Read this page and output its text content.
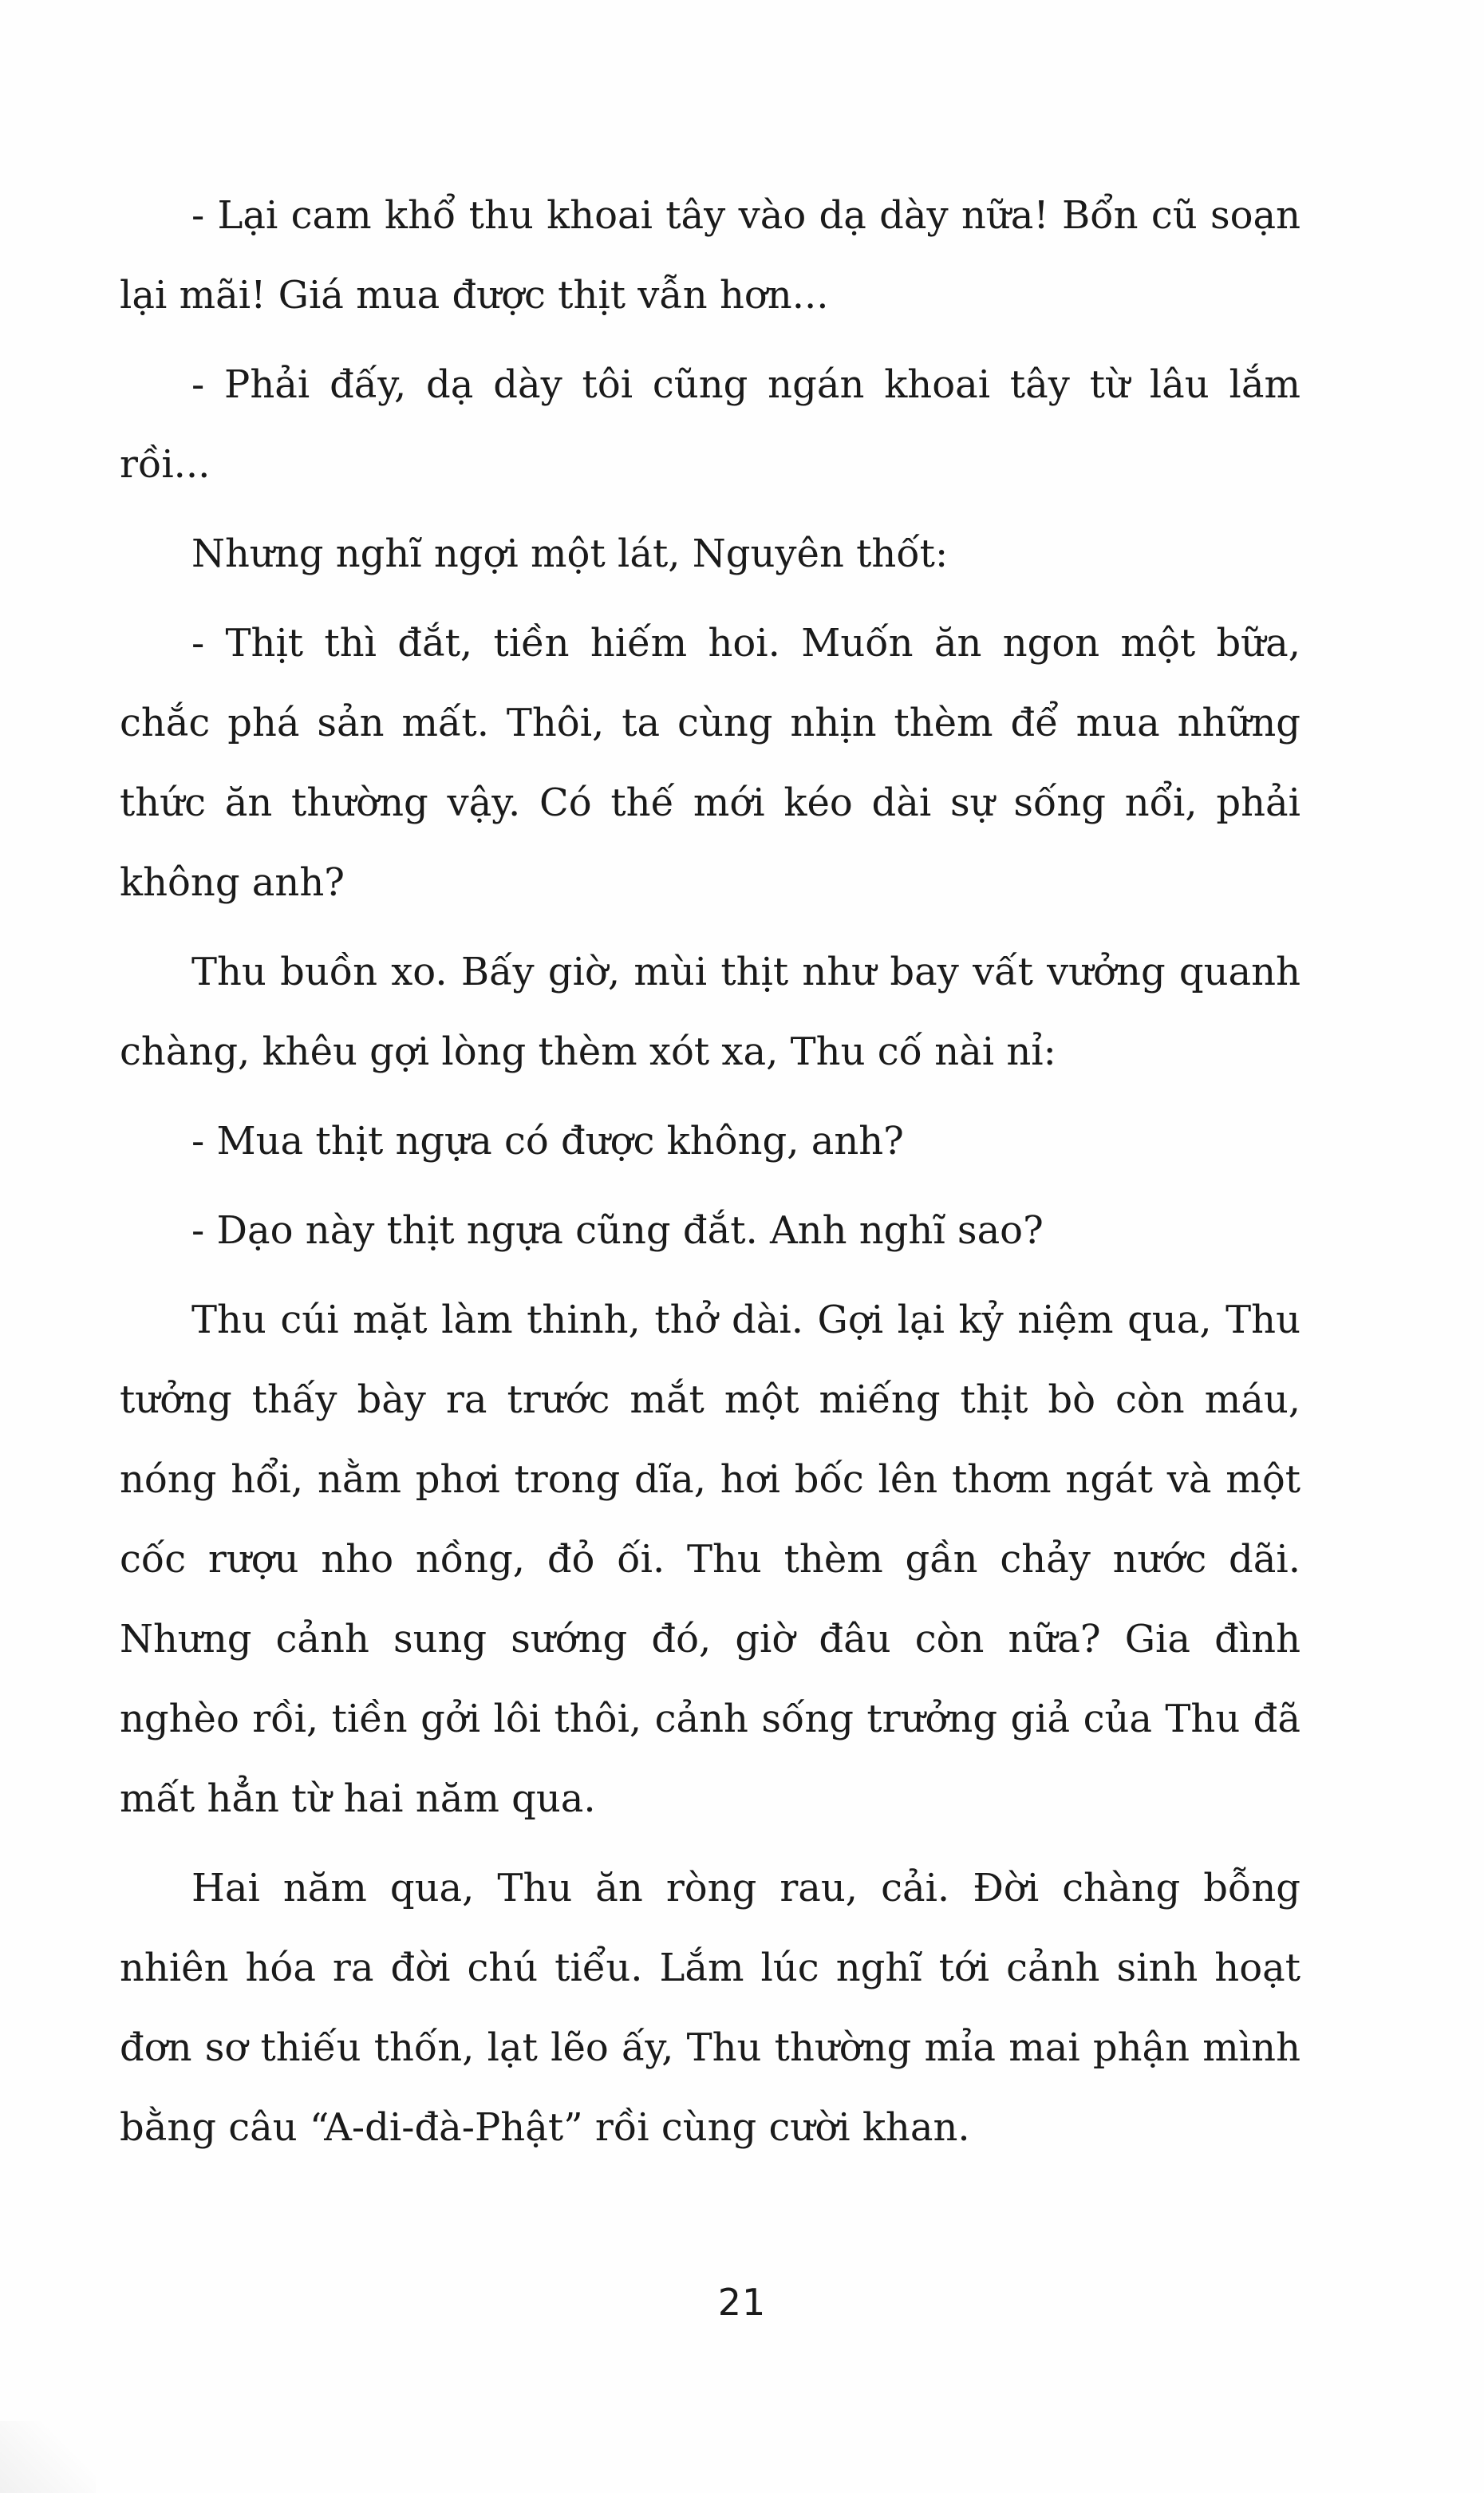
- Lại cam khổ thu khoai tây vào dạ dày nữa! Bổn cũ soạn lại mãi! Giá mua được thịt vẫn hơn...

- Phải đấy, dạ dày tôi cũng ngán khoai tây từ lâu lắm rồi...

Nhưng nghĩ ngợi một lát, Nguyên thốt:

- Thịt thì đắt, tiền hiếm hoi. Muốn ăn ngon một bữa, chắc phá sản mất. Thôi, ta cùng nhịn thèm để mua những thức ăn thường vậy. Có thế mới kéo dài sự sống nổi, phải không anh?

Thu buồn xo. Bấy giờ, mùi thịt như bay vất vưởng quanh chàng, khêu gợi lòng thèm xót xa, Thu cố nài nỉ:

- Mua thịt ngựa có được không, anh?

- Dạo này thịt ngựa cũng đắt. Anh nghĩ sao?

Thu cúi mặt làm thinh, thở dài. Gợi lại kỷ niệm qua, Thu tưởng thấy bày ra trước mắt một miếng thịt bò còn máu, nóng hổi, nằm phơi trong dĩa, hơi bốc lên thơm ngát và một cốc rượu nho nồng, đỏ ối. Thu thèm gần chảy nước dãi. Nhưng cảnh sung sướng đó, giờ đâu còn nữa? Gia đình nghèo rồi, tiền gởi lôi thôi, cảnh sống trưởng giả của Thu đã mất hẳn từ hai năm qua.

Hai năm qua, Thu ăn ròng rau, cải. Đời chàng bỗng nhiên hóa ra đời chú tiểu. Lắm lúc nghĩ tới cảnh sinh hoạt đơn sơ thiếu thốn, lạt lẽo ấy, Thu thường mỉa mai phận mình bằng câu “A-di-đà-Phật” rồi cùng cười khan.

21
